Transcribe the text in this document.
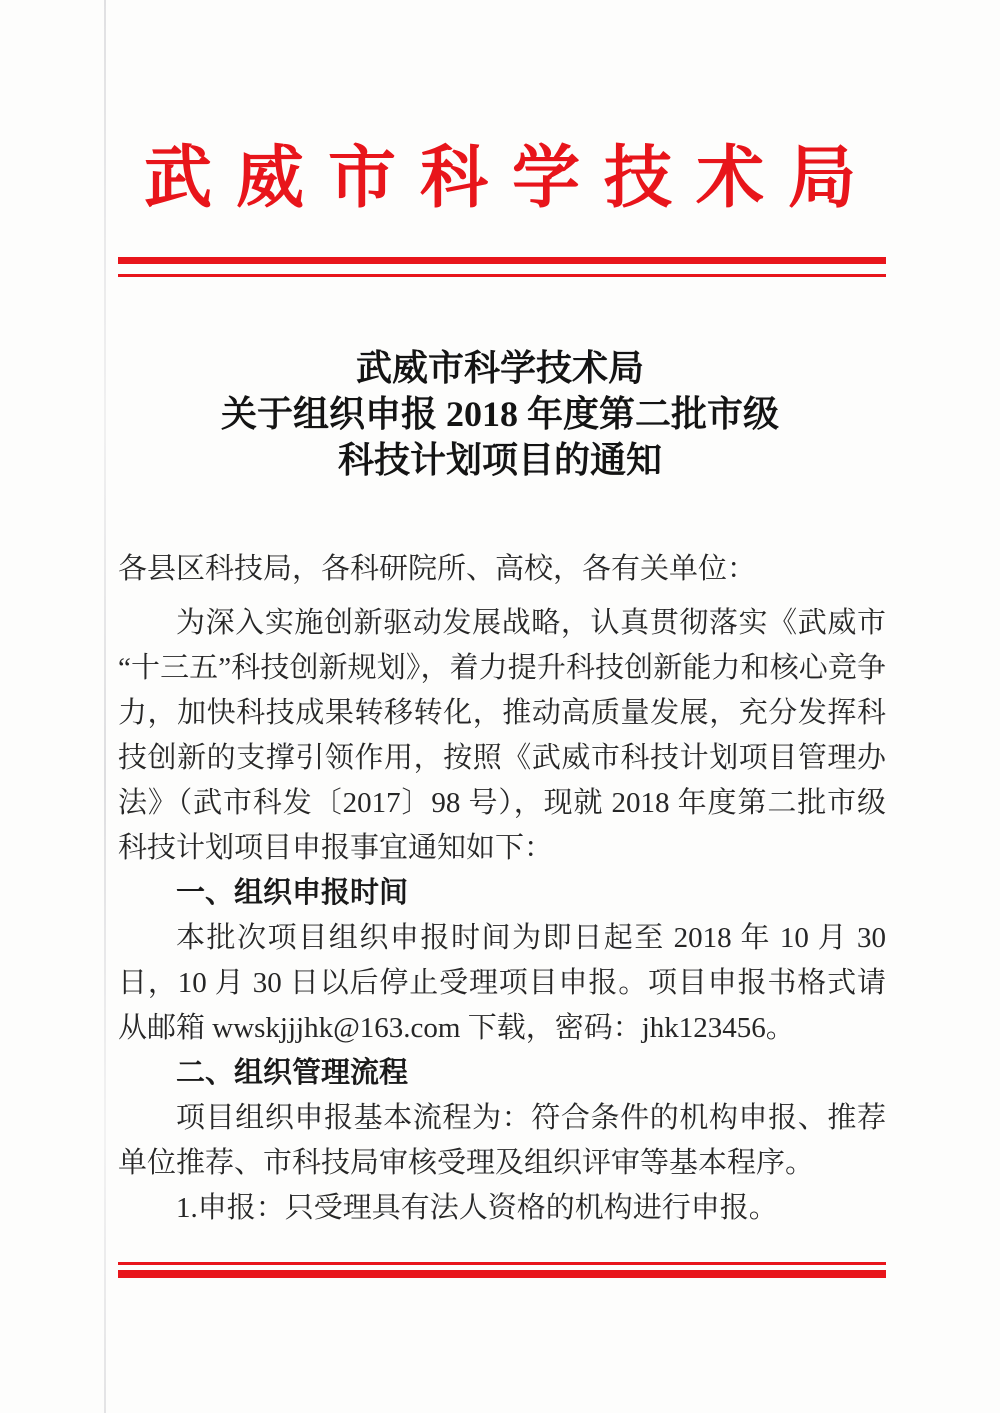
武威市科学技术局
武威市科学技术局
关于组织申报 2018 年度第二批市级
科技计划项目的通知

各县区科技局，各科研院所、高校，各有关单位：

为深入实施创新驱动发展战略，认真贯彻落实《武威市“十三五”科技创新规划》，着力提升科技创新能力和核心竞争力，加快科技成果转移转化，推动高质量发展，充分发挥科技创新的支撑引领作用，按照《武威市科技计划项目管理办法》（武市科发〔2017〕98 号），现就 2018 年度第二批市级科技计划项目申报事宜通知如下：

一、组织申报时间

本批次项目组织申报时间为即日起至 2018 年 10 月 30 日，10 月 30 日以后停止受理项目申报。项目申报书格式请从邮箱 wwskjjjhk@163.com 下载，密码：jhk123456。

二、组织管理流程

项目组织申报基本流程为：符合条件的机构申报、推荐单位推荐、市科技局审核受理及组织评审等基本程序。

1.申报：只受理具有法人资格的机构进行申报。
